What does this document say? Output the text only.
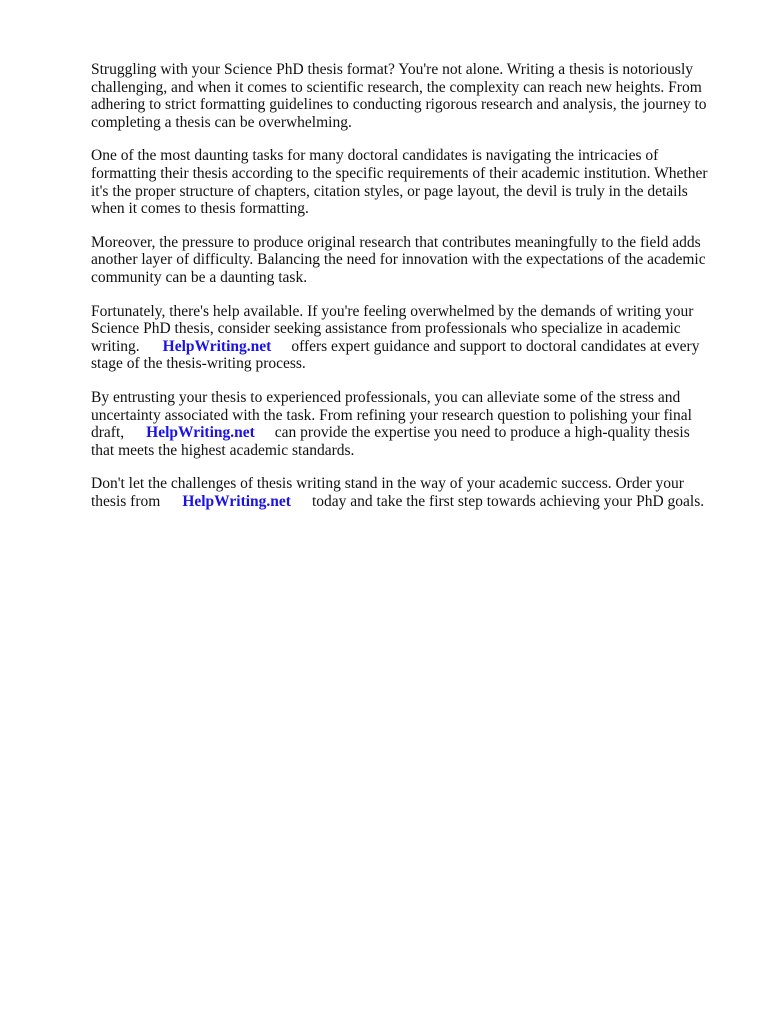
Struggling with your Science PhD thesis format? You're not alone. Writing a thesis is notoriously challenging, and when it comes to scientific research, the complexity can reach new heights. From adhering to strict formatting guidelines to conducting rigorous research and analysis, the journey to completing a thesis can be overwhelming.

One of the most daunting tasks for many doctoral candidates is navigating the intricacies of formatting their thesis according to the specific requirements of their academic institution. Whether it's the proper structure of chapters, citation styles, or page layout, the devil is truly in the details when it comes to thesis formatting.

Moreover, the pressure to produce original research that contributes meaningfully to the field adds another layer of difficulty. Balancing the need for innovation with the expectations of the academic community can be a daunting task.

Fortunately, there's help available. If you're feeling overwhelmed by the demands of writing your Science PhD thesis, consider seeking assistance from professionals who specialize in academic writing. HelpWriting.net offers expert guidance and support to doctoral candidates at every stage of the thesis-writing process.

By entrusting your thesis to experienced professionals, you can alleviate some of the stress and uncertainty associated with the task. From refining your research question to polishing your final draft, HelpWriting.net can provide the expertise you need to produce a high-quality thesis that meets the highest academic standards.

Don't let the challenges of thesis writing stand in the way of your academic success. Order your thesis from HelpWriting.net today and take the first step towards achieving your PhD goals.
